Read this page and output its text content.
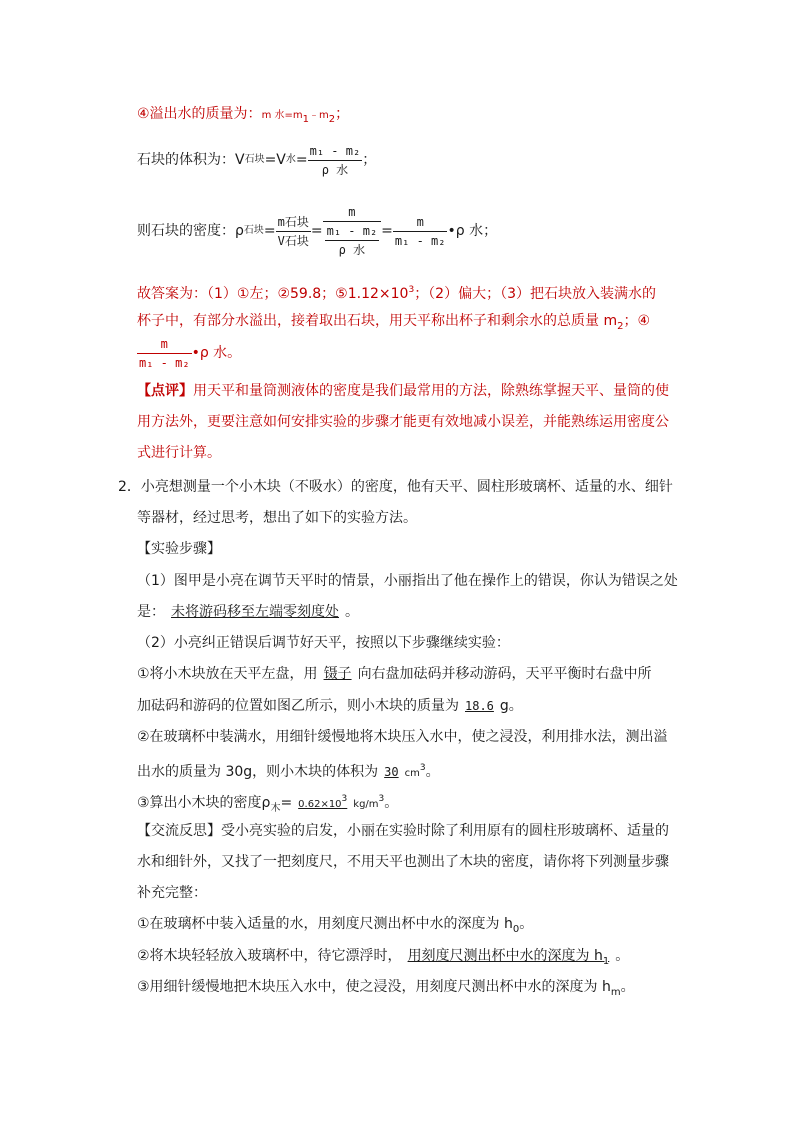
④溢出水的质量为：m 水$=m_1﹣m_2$；
石块的体积为：V 石块 =V 水 = $\frac{\text{m₁ - m₂}}{\text{ρ 水}}$ ；
则石块的密度：ρ 石块 = $\frac{\text{m石块}}{\text{V石块}} = \frac{m}{\frac{\text{m₁ - m₂}}{\text{ρ 水}}} = \frac{m}{\text{m₁ - m₂}}$ •ρ 水；
故答案为：（1）①左；②59.8；$⑤1.12\times 10^3$；（2）偏大；（3）把石块放入装满水的
杯子中，有部分水溢出，接着取出石块，用天平称出杯子和剩余水的总质量 $m_2$；④
$\frac{m}{\text{m₁ - m₂}}$ •ρ 水。
【点评】用天平和量筒测液体的密度是我们最常用的方法，除熟练掌握天平、量筒的使
用方法外，更要注意如何安排实验的步骤才能更有效地减小误差，并能熟练运用密度公
式进行计算。
2．小亮想测量一个小木块（不吸水）的密度，他有天平、圆柱形玻璃杯、适量的水、细针
等器材，经过思考，想出了如下的实验方法。
【实验步骤】
（1）图甲是小亮在调节天平时的情景，小丽指出了他在操作上的错误，你认为错误之处
是： 未将游码移至左端零刻度处 。
（2）小亮纠正错误后调节好天平，按照以下步骤继续实验：
①将小木块放在天平左盘，用 镊子 向右盘加砝码并移动游码，天平平衡时右盘中所
加砝码和游码的位置如图乙所示，则小木块的质量为 18.6 g。
②在玻璃杯中装满水，用细针缓慢地将木块压入水中，使之浸没，利用排水法，测出溢
出水的质量为 30g，则小木块的体积为 30 $cm^3$。
③算出小木块的密度$\rho_木= 0.62\times 103$ $kg/m^3$。
【交流反思】受小亮实验的启发，小丽在实验时除了利用原有的圆柱形玻璃杯、适量的
水和细针外，又找了一把刻度尺，不用天平也测出了木块的密度，请你将下列测量步骤
补充完整：
①在玻璃杯中装入适量的水，用刻度尺测出杯中水的深度为 $h_0$。
②将木块轻轻放入玻璃杯中，待它漂浮时， 用刻度尺测出杯中水的深度为 $h_1$ 。
③用细针缓慢地把木块压入水中，使之浸没，用刻度尺测出杯中水的深度为 $h_m$。
